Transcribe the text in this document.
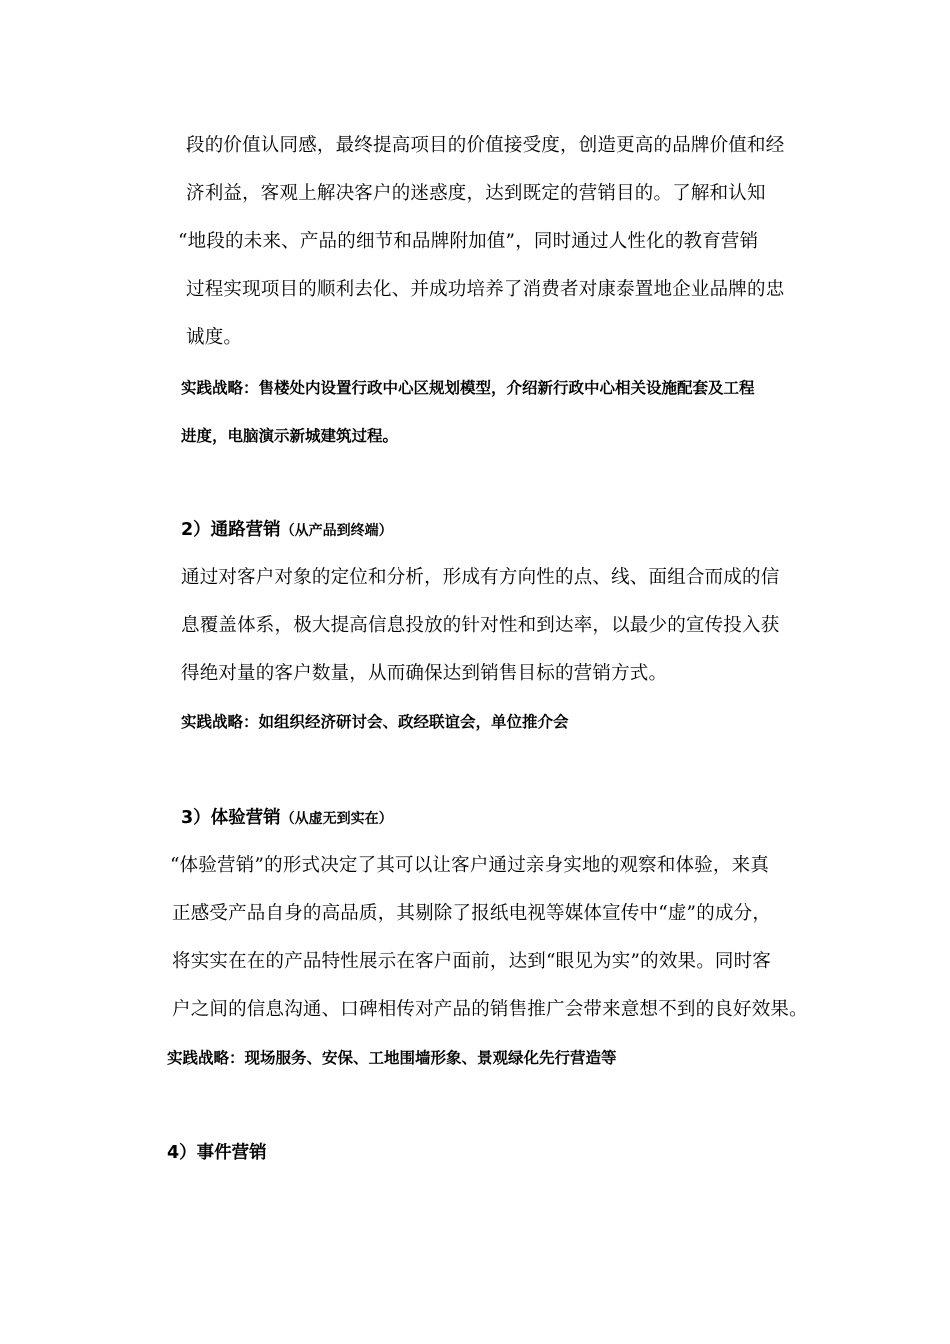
段的价值认同感，最终提高项目的价值接受度，创造更高的品牌价值和经
济利益，客观上解决客户的迷惑度，达到既定的营销目的。了解和认知
“地段的未来、产品的细节和品牌附加值”，同时通过人性化的教育营销
过程实现项目的顺利去化、并成功培养了消费者对康泰置地企业品牌的忠
诚度。
实践战略：售楼处内设置行政中心区规划模型，介绍新行政中心相关设施配套及工程
进度，电脑演示新城建筑过程。
2）通路营销（从产品到终端）
通过对客户对象的定位和分析，形成有方向性的点、线、面组合而成的信
息覆盖体系，极大提高信息投放的针对性和到达率，以最少的宣传投入获
得绝对量的客户数量，从而确保达到销售目标的营销方式。
实践战略：如组织经济研讨会、政经联谊会，单位推介会
3）体验营销（从虚无到实在）
“体验营销”的形式决定了其可以让客户通过亲身实地的观察和体验，来真
正感受产品自身的高品质，其剔除了报纸电视等媒体宣传中“虚”的成分，
将实实在在的产品特性展示在客户面前，达到“眼见为实”的效果。同时客
户之间的信息沟通、口碑相传对产品的销售推广会带来意想不到的良好效果。
实践战略：现场服务、安保、工地围墙形象、景观绿化先行营造等
4）事件营销
